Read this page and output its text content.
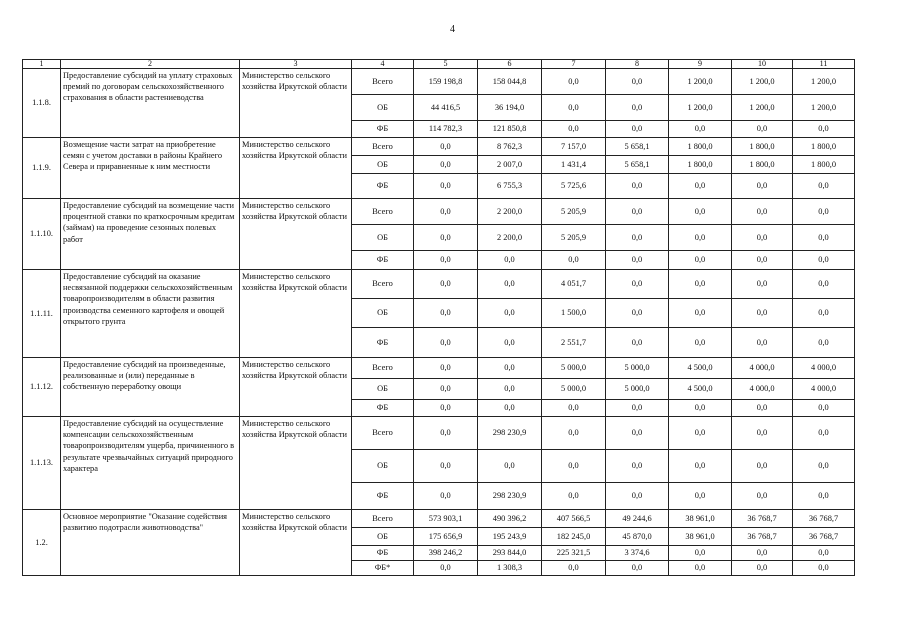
4
1	2	3	4	5	6	7	8	9	10	11
1.1.8.	Предоставление субсидий на уплату страховых премий по договорам сельскохозяйственного страхования в области растениеводства	Министерство сельского хозяйства Иркутской области	Всего	159 198,8	158 044,8	0,0	0,0	1 200,0	1 200,0	1 200,0
			ОБ	44 416,5	36 194,0	0,0	0,0	1 200,0	1 200,0	1 200,0
			ФБ	114 782,3	121 850,8	0,0	0,0	0,0	0,0	0,0
1.1.9.	Возмещение части затрат на приобретение семян с учетом доставки в районы Крайнего Севера и приравненные к ним местности	Министерство сельского хозяйства Иркутской области	Всего	0,0	8 762,3	7 157,0	5 658,1	1 800,0	1 800,0	1 800,0
			ОБ	0,0	2 007,0	1 431,4	5 658,1	1 800,0	1 800,0	1 800,0
			ФБ	0,0	6 755,3	5 725,6	0,0	0,0	0,0	0,0
1.1.10.	Предоставление субсидий на возмещение части процентной ставки по краткосрочным кредитам (займам) на проведение сезонных полевых работ	Министерство сельского хозяйства Иркутской области	Всего	0,0	2 200,0	5 205,9	0,0	0,0	0,0	0,0
			ОБ	0,0	2 200,0	5 205,9	0,0	0,0	0,0	0,0
			ФБ	0,0	0,0	0,0	0,0	0,0	0,0	0,0
1.1.11.	Предоставление субсидий на оказание несвязанной поддержки сельскохозяйственным товаропроизводителям в области развития производства семенного картофеля и овощей открытого грунта	Министерство сельского хозяйства Иркутской области	Всего	0,0	0,0	4 051,7	0,0	0,0	0,0	0,0
			ОБ	0,0	0,0	1 500,0	0,0	0,0	0,0	0,0
			ФБ	0,0	0,0	2 551,7	0,0	0,0	0,0	0,0
1.1.12.	Предоставление субсидий на произведенные, реализованные и (или) переданные в собственную переработку овощи	Министерство сельского хозяйства Иркутской области	Всего	0,0	0,0	5 000,0	5 000,0	4 500,0	4 000,0	4 000,0
			ОБ	0,0	0,0	5 000,0	5 000,0	4 500,0	4 000,0	4 000,0
			ФБ	0,0	0,0	0,0	0,0	0,0	0,0	0,0
1.1.13.	Предоставление субсидий на осуществление компенсации сельскохозяйственным товаропроизводителям ущерба, причиненного в результате чрезвычайных ситуаций природного характера	Министерство сельского хозяйства Иркутской области	Всего	0,0	298 230,9	0,0	0,0	0,0	0,0	0,0
			ОБ	0,0	0,0	0,0	0,0	0,0	0,0	0,0
			ФБ	0,0	298 230,9	0,0	0,0	0,0	0,0	0,0
1.2.	Основное мероприятие "Оказание содействия развитию подотрасли животноводства"	Министерство сельского хозяйства Иркутской области	Всего	573 903,1	490 396,2	407 566,5	49 244,6	38 961,0	36 768,7	36 768,7
			ОБ	175 656,9	195 243,9	182 245,0	45 870,0	38 961,0	36 768,7	36 768,7
			ФБ	398 246,2	293 844,0	225 321,5	3 374,6	0,0	0,0	0,0
			ФБ*	0,0	1 308,3	0,0	0,0	0,0	0,0	0,0
